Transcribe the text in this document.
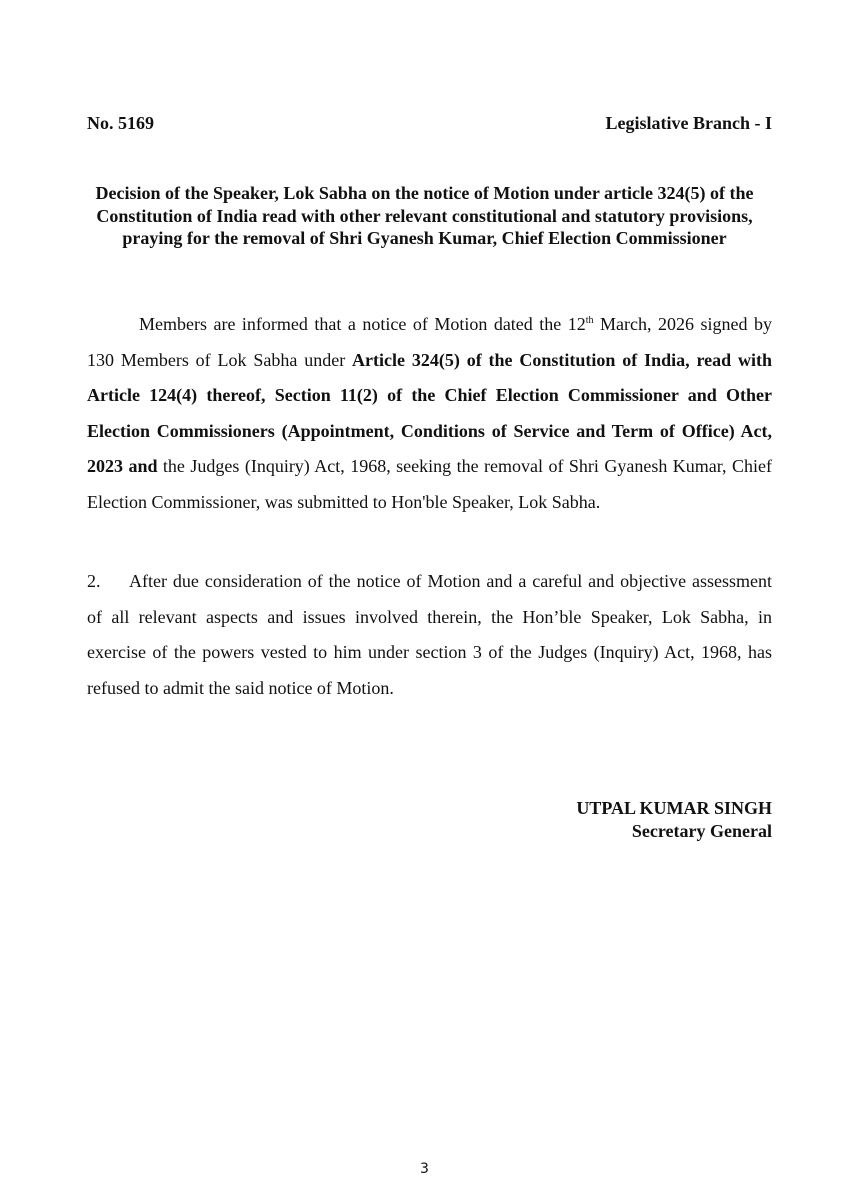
No. 5169	Legislative Branch - I
Decision of the Speaker, Lok Sabha on the notice of Motion under article 324(5) of the Constitution of India read with other relevant constitutional and statutory provisions, praying for the removal of Shri Gyanesh Kumar, Chief Election Commissioner
Members are informed that a notice of Motion dated the 12th March, 2026 signed by 130 Members of Lok Sabha under Article 324(5) of the Constitution of India, read with Article 124(4) thereof, Section 11(2) of the Chief Election Commissioner and Other Election Commissioners (Appointment, Conditions of Service and Term of Office) Act, 2023 and the Judges (Inquiry) Act, 1968, seeking the removal of Shri Gyanesh Kumar, Chief Election Commissioner, was submitted to Hon'ble Speaker, Lok Sabha.
2. After due consideration of the notice of Motion and a careful and objective assessment of all relevant aspects and issues involved therein, the Hon’ble Speaker, Lok Sabha, in exercise of the powers vested to him under section 3 of the Judges (Inquiry) Act, 1968, has refused to admit the said notice of Motion.
UTPAL KUMAR SINGH
Secretary General
3
